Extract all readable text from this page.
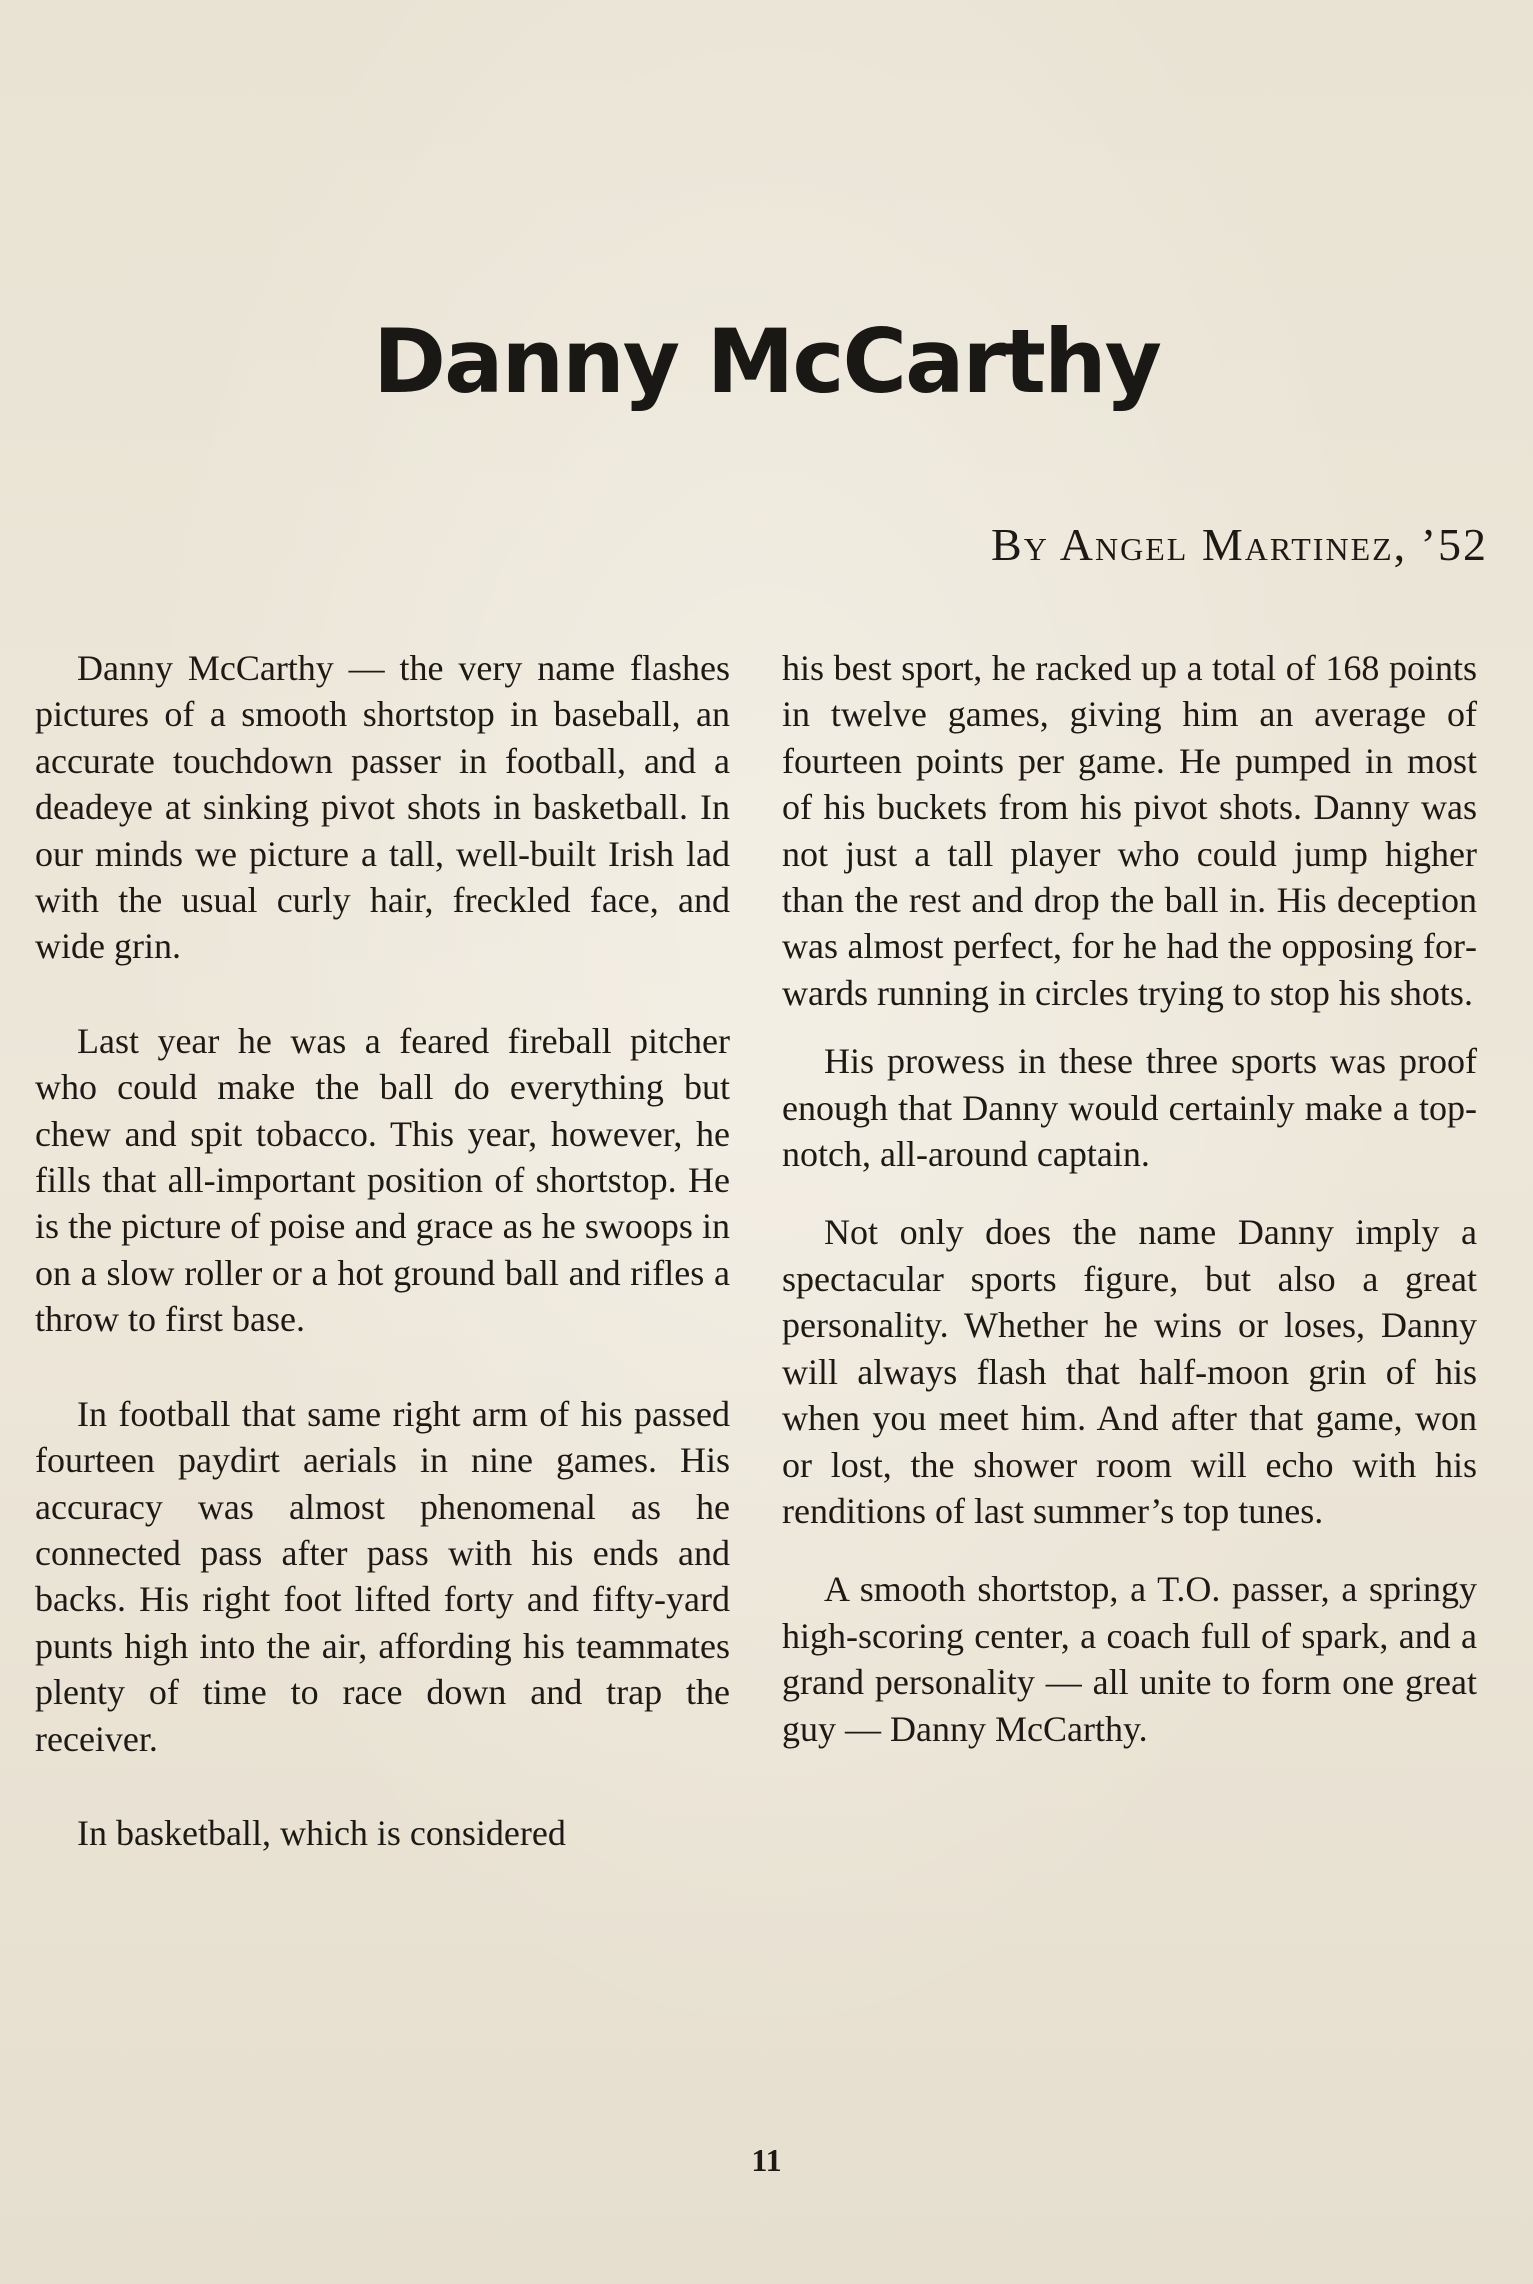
Danny McCarthy
By Angel Martinez, ’52

Danny McCarthy — the very name flashes pictures of a smooth shortstop in baseball, an accurate touchdown passer in football, and a deadeye at sinking pivot shots in basketball. In our minds we picture a tall, well-built Irish lad with the usual curly hair, freckled face, and wide grin.

Last year he was a feared fireball pitcher who could make the ball do everything but chew and spit tobacco. This year, however, he fills that all-important position of shortstop. He is the picture of poise and grace as he swoops in on a slow roller or a hot ground ball and rifles a throw to first base.

In football that same right arm of his passed fourteen paydirt aerials in nine games. His accuracy was almost phenomenal as he connected pass after pass with his ends and backs. His right foot lifted forty and fifty-yard punts high into the air, affording his teammates plenty of time to race down and trap the receiver.

In basketball, which is considered

his best sport, he racked up a total of 168 points in twelve games, giving him an average of fourteen points per game. He pumped in most of his buckets from his pivot shots. Danny was not just a tall player who could jump higher than the rest and drop the ball in. His deception was almost perfect, for he had the opposing forwards running in circles trying to stop his shots.

His prowess in these three sports was proof enough that Danny would certainly make a top-notch, all-around captain.

Not only does the name Danny imply a spectacular sports figure, but also a great personality. Whether he wins or loses, Danny will always flash that half-moon grin of his when you meet him. And after that game, won or lost, the shower room will echo with his renditions of last summer’s top tunes.

A smooth shortstop, a T.O. passer, a springy high-scoring center, a coach full of spark, and a grand personality — all unite to form one great guy — Danny McCarthy.

11
